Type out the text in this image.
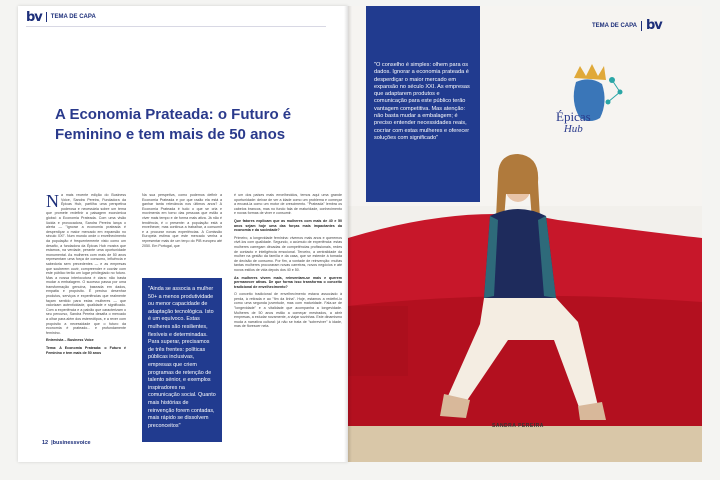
bv TEMA DE CAPA
A Economia Prateada: o Futuro é Feminino e tem mais de 50 anos
N a mais recente edição do Business Voice, Sandra Pereira, Fundadora da Épicas Hub, partilha uma perspetiva poderosa e necessária sobre um tema que promete redefinir a paisagem económica global: a Economia Prateada. Com uma visão lúcida e provocadora, Sandra Pereira lança o alerta — "ignorar a economia prateada é desperdiçar o maior mercado em expansão no século XXI". Num mundo onde o envelhecimento da população é frequentemente visto como um desafio, a fundadora da Épicas Hub mostra que estamos, na verdade, perante uma oportunidade monumental. As mulheres com mais de 50 anos representam uma força de consumo, influência e sabedoria sem precedentes — e as empresas que souberem ouvir, compreender e cocriar com este público terão um lugar privilegiado no futuro. Mas a nossa interlocutora é clara: não basta mudar a embalagem. O sucesso passa por uma transformação genuína, baseada em dados, empatia e propósito. É preciso desenhar produtos, serviços e experiências que realmente façam sentido para estas mulheres — que valorizam autenticidade, qualidade e significado. Com a experiência e a paixão que caracterizam o seu percurso, Sandra Pereira desafia o mercado a olhar para além dos estereótipos, e a rever com propósito a necessidade que o futuro da economia é prateado... e profundamente feminino.

Entrevista – Business Voice

Tema: A Economia Prateada: o Futuro é Feminino e tem mais de 50 anos

Na sua perspetiva, como podemos definir a Economia Prateada e por que razão ela está a ganhar tanta relevância nos últimos anos? A Economia Prateada é tudo o que se cria e movimenta em torno das pessoas que estão a viver mais tempo e de forma mais ativa. Já não é tendência, é o presente: a população está a envelhecer, mas continua a trabalhar, a consumir e a procurar novas experiências. A Comissão Europeia estima que este mercado venha a representar mais de um terço do PIB europeu até 2050. Em Portugal, que

"Ainda se associa a mulher 50+ a menos produtividade ou menor capacidade de adaptação tecnológica. Isto é um equívoco. Estas mulheres são resilientes, flexíveis e determinadas. Para superar, precisamos de três frentes: políticas públicas inclusivas, empresas que criem programas de retenção de talento sénior, e exemplos inspiradores na comunicação social. Quanto mais histórias de reinvenção forem contadas, mais rápido se dissolvem preconceitos"

é um dos países mais envelhecidos, temos aqui uma grande oportunidade: deixar de ver a idade como um problema e começar a encará-la como um motor de crescimento. "Prateada" lembra os cabelos brancos, mas no fundo fala de maturidade, conhecimento e novas formas de viver e consumir.

Que fatores explicam que as mulheres com mais de 40 e 50 anos sejam hoje uma das forças mais impactantes da economia e da sociedade?

Primeiro, a longevidade feminina: vivemos mais anos e queremos vivê-los com qualidade. Segundo, o acúmulo de experiência: estas mulheres carregam décadas de competências profissionais, redes de contacto e inteligência emocional. Terceiro, a centralidade da mulher na gestão da família e da casa, que se estende à tomada de decisão de consumo. Por fim, a vontade de reinvenção: muitas tantas mulheres procuraram novas carreiras, novos negócios e até novos estilos de vida depois dos 40 e 50.

As mulheres vivem mais, reinventam-se mais e querem permanecer ativas. De que forma isso transforma o conceito tradicional de envelhecimento?

O conceito tradicional de envelhecimento estava associado à perda, à retirada e ao "fim da linha". Hoje, estamos a redefini-lo como uma segunda juventude, mas com maturidade. Fala-se de "longevidade" e a vitalidade que acompanha a longevidade. Mulheres de 50 anos estão a começar mestrados, a abrir empresas, a estudar novamente, a viajar sozinhas. Este dinamismo muda a narrativa cultural: já não se trata de "sobreviver" à idade, mas de florescer nela.

12 |businessvoice
"O conselho é simples: olhem para os dados. Ignorar a economia prateada é desperdiçar o maior mercado em expansão no século XXI. As empresas que adaptarem produtos e comunicação para este público terão vantagem competitiva. Mas atenção: não basta mudar a embalagem; é preciso entender necessidades reais, cocriar com estas mulheres e oferecer soluções com significado"
TEMA DE CAPA bv
Épicas
Hub
SANDRA PEREIRA
